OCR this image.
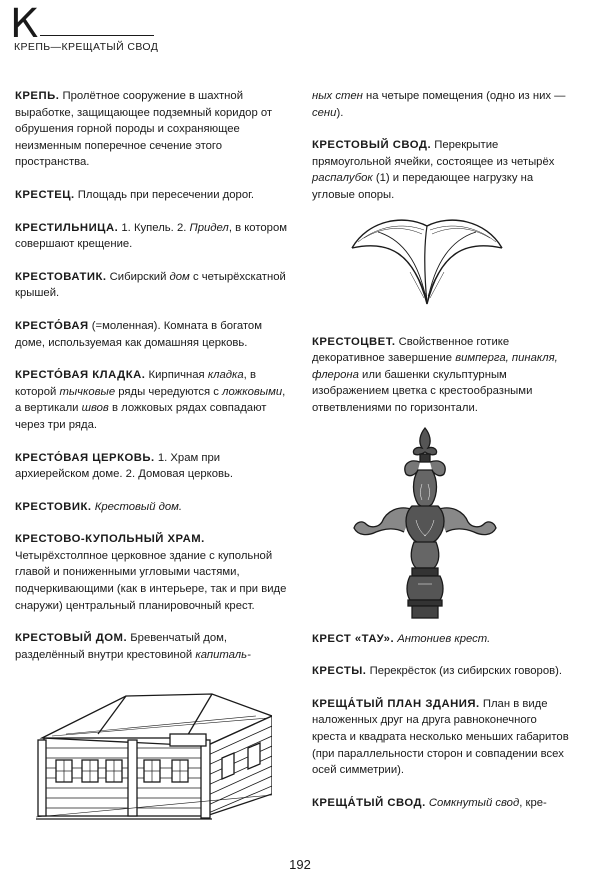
К
КРЕПЬ—КРЕЩАТЫЙ СВОД

КРЕПЬ. Пролётное сооружение в шахтной выработке, защищающее подземный коридор от обрушения горной породы и сохраняющее неизменным поперечное сечение этого пространства.

КРЕСТЕЦ. Площадь при пересечении дорог.

КРЕСТИЛЬНИЦА. 1. Купель. 2. Придел, в котором совершают крещение.

КРЕСТОВАТИК. Сибирский дом с четырёхскатной крышей.

КРЕСТО́ВАЯ (=моленная). Комната в богатом доме, используемая как домашняя церковь.

КРЕСТО́ВАЯ КЛАДКА. Кирпичная кладка, в которой тычковые ряды чередуются с ложковыми, а вертикали швов в ложковых рядах совпадают через три ряда.

КРЕСТО́ВАЯ ЦЕРКОВЬ. 1. Храм при архиерейском доме. 2. Домовая церковь.

КРЕСТОВИК. Крестовый дом.

КРЕСТОВО-КУПОЛЬНЫЙ ХРАМ. Четырёхстолпное церковное здание с купольной главой и пониженными угловыми частями, подчеркивающими (как в интерьере, так и при виде снаружи) центральный планировочный крест.

КРЕСТОВЫЙ ДОМ. Бревенчатый дом, разделённый внутри крестовиной капиталь-

ных стен на четыре помещения (одно из них — сени).

КРЕСТОВЫЙ СВОД. Перекрытие прямоугольной ячейки, состоящее из четырёх распалубок (1) и передающее нагрузку на угловые опоры.

КРЕСТОЦВЕТ. Свойственное готике декоративное завершение вимперга, пинакля, флерона или башенки скульптурным изображением цветка с крестообразными ответвлениями по горизонтали.

КРЕСТ «ТАУ». Антониев крест.

КРЕСТЫ. Перекрёсток (из сибирских говоров).

КРЕЩА́ТЫЙ ПЛАН ЗДАНИЯ. План в виде наложенных друг на друга равноконечного креста и квадрата несколько меньших габаритов (при параллельности сторон и совпадении всех осей симметрии).

КРЕЩА́ТЫЙ СВОД. Сомкнутый свод, кре-

192
